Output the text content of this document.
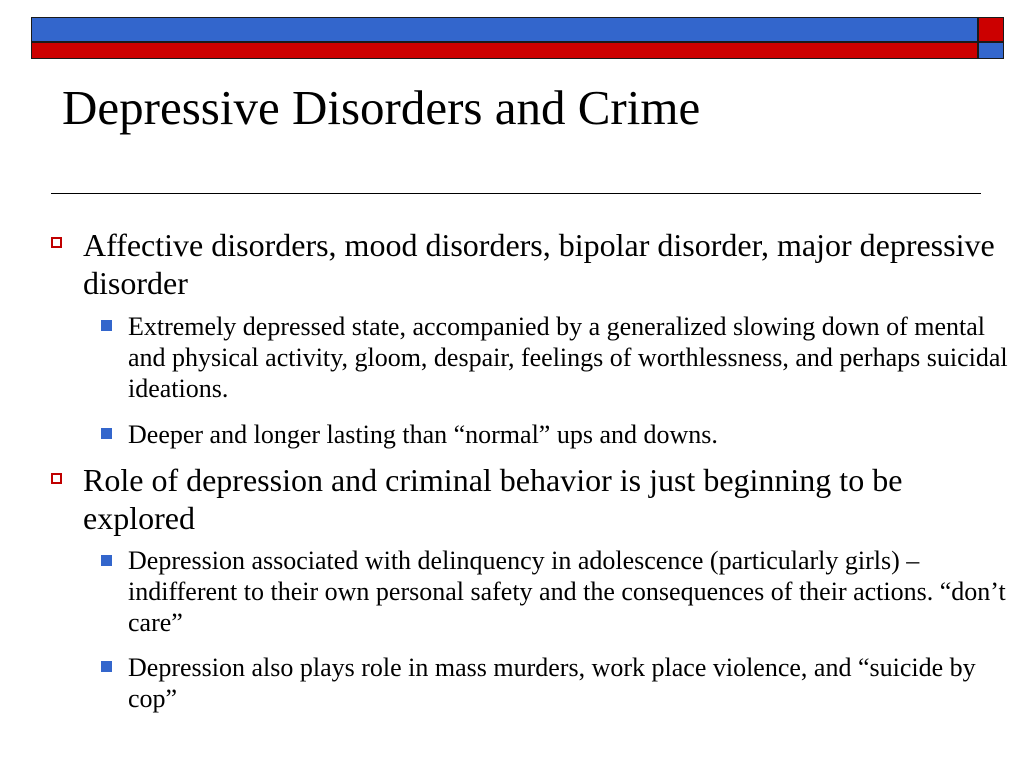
Depressive Disorders and Crime
Affective disorders, mood disorders, bipolar disorder, major depressive disorder
Extremely depressed state, accompanied by a generalized slowing down of mental and physical activity, gloom, despair, feelings of worthlessness, and perhaps suicidal ideations.
Deeper and longer lasting than “normal” ups and downs.
Role of depression and criminal behavior is just beginning to be explored
Depression associated with delinquency in adolescence (particularly girls) – indifferent to their own personal safety and the consequences of their actions. “don’t care”
Depression also plays role in mass murders, work place violence, and “suicide by cop”
